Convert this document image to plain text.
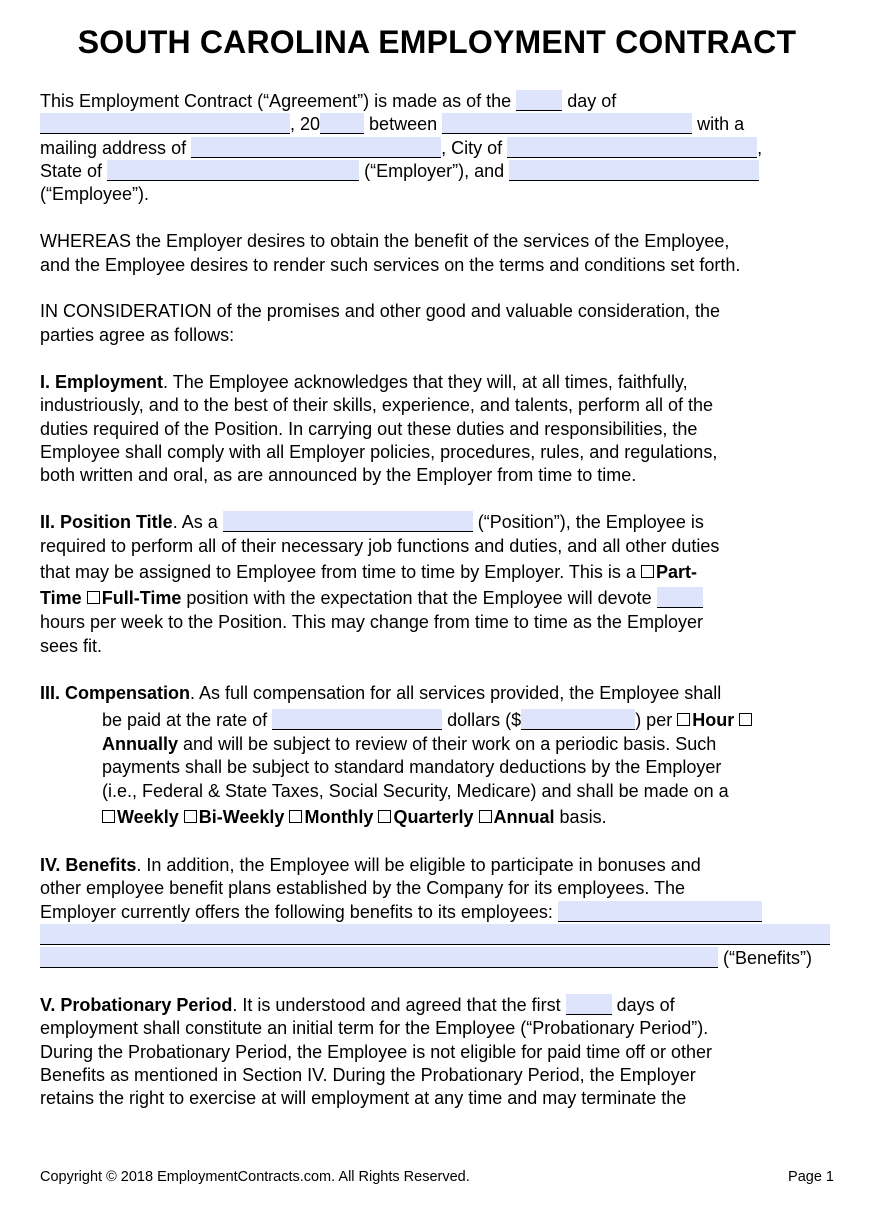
SOUTH CAROLINA EMPLOYMENT CONTRACT
This Employment Contract (“Agreement”) is made as of the	day of
, 20	between	with a
mailing address of	, City of	,
State of	(“Employer”), and
(“Employee”).
WHEREAS the Employer desires to obtain the benefit of the services of the Employee,
and the Employee desires to render such services on the terms and conditions set forth.
IN CONSIDERATION of the promises and other good and valuable consideration, the
parties agree as follows:
I. Employment. The Employee acknowledges that they will, at all times, faithfully,
industriously, and to the best of their skills, experience, and talents, perform all of the
duties required of the Position. In carrying out these duties and responsibilities, the
Employee shall comply with all Employer policies, procedures, rules, and regulations,
both written and oral, as are announced by the Employer from time to time.
II. Position Title. As a	(“Position”), the Employee is
required to perform all of their necessary job functions and duties, and all other duties
that may be assigned to Employee from time to time by Employer. This is a Part-
Time Full-Time position with the expectation that the Employee will devote
hours per week to the Position. This may change from time to time as the Employer
sees fit.
III. Compensation. As full compensation for all services provided, the Employee shall
be paid at the rate of	dollars ($	) per Hour
Annually and will be subject to review of their work on a periodic basis. Such
payments shall be subject to standard mandatory deductions by the Employer
(i.e., Federal & State Taxes, Social Security, Medicare) and shall be made on a
Weekly Bi-Weekly Monthly Quarterly Annual basis.
IV. Benefits. In addition, the Employee will be eligible to participate in bonuses and
other employee benefit plans established by the Company for its employees. The
Employer currently offers the following benefits to its employees:
(“Benefits”)
V. Probationary Period. It is understood and agreed that the first	days of
employment shall constitute an initial term for the Employee (“Probationary Period”).
During the Probationary Period, the Employee is not eligible for paid time off or other
Benefits as mentioned in Section IV. During the Probationary Period, the Employer
retains the right to exercise at will employment at any time and may terminate the
Copyright © 2018 EmploymentContracts.com. All Rights Reserved.	Page 1
